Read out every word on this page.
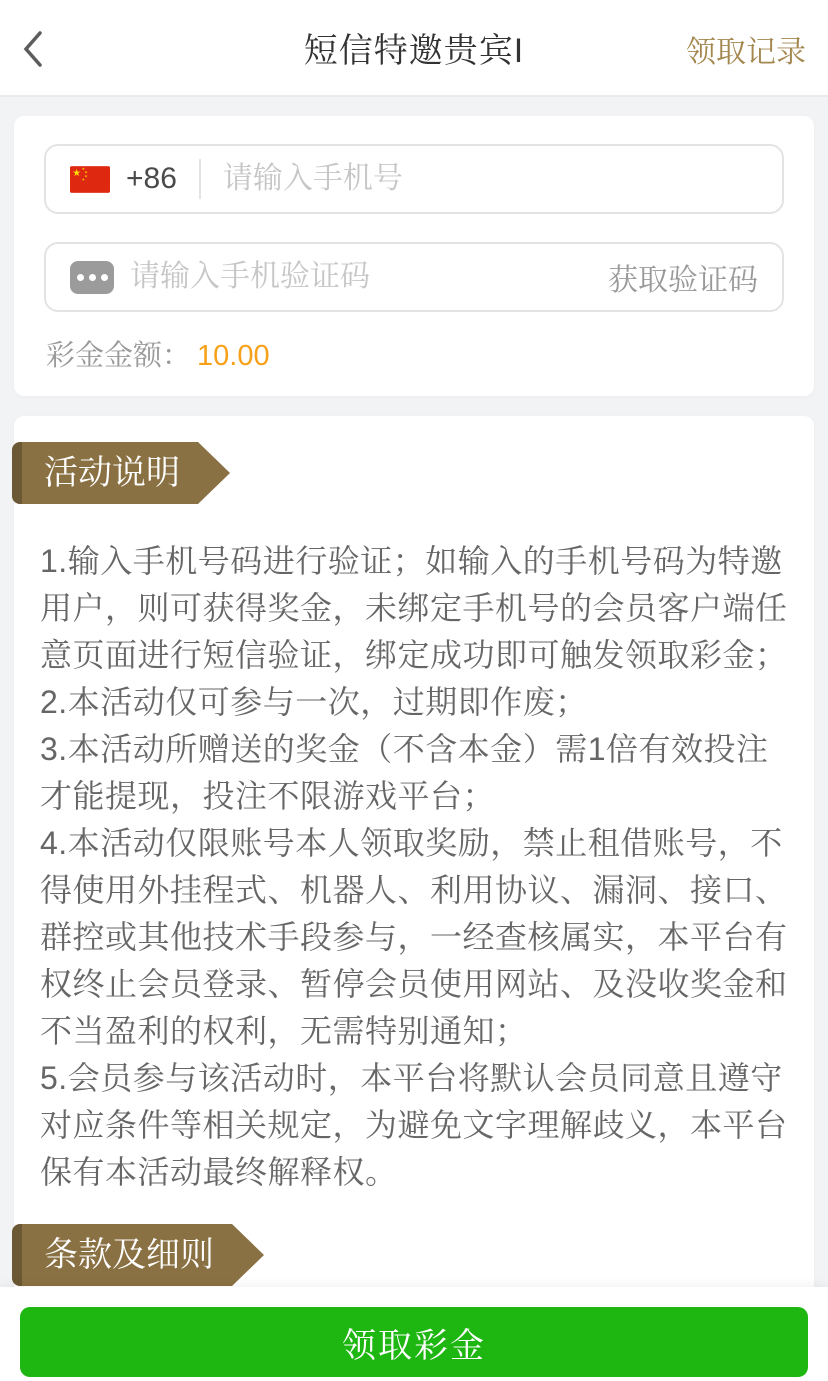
短信特邀贵宾I	领取记录
+86
请输入手机号
请输入手机验证码
获取验证码
彩金金额： 10.00
活动说明

1.输入手机号码进行验证；如输入的手机号码为特邀用户，则可获得奖金，未绑定手机号的会员客户端任意页面进行短信验证，绑定成功即可触发领取彩金；

2.本活动仅可参与一次，过期即作废；

3.本活动所赠送的奖金（不含本金）需1倍有效投注才能提现，投注不限游戏平台；

4.本活动仅限账号本人领取奖励，禁止租借账号，不得使用外挂程式、机器人、利用协议、漏洞、接口、群控或其他技术手段参与，一经查核属实，本平台有权终止会员登录、暂停会员使用网站、及没收奖金和不当盈利的权利，无需特别通知；

5.会员参与该活动时，本平台将默认会员同意且遵守对应条件等相关规定，为避免文字理解歧义，本平台保有本活动最终解释权。

条款及细则
领取彩金
